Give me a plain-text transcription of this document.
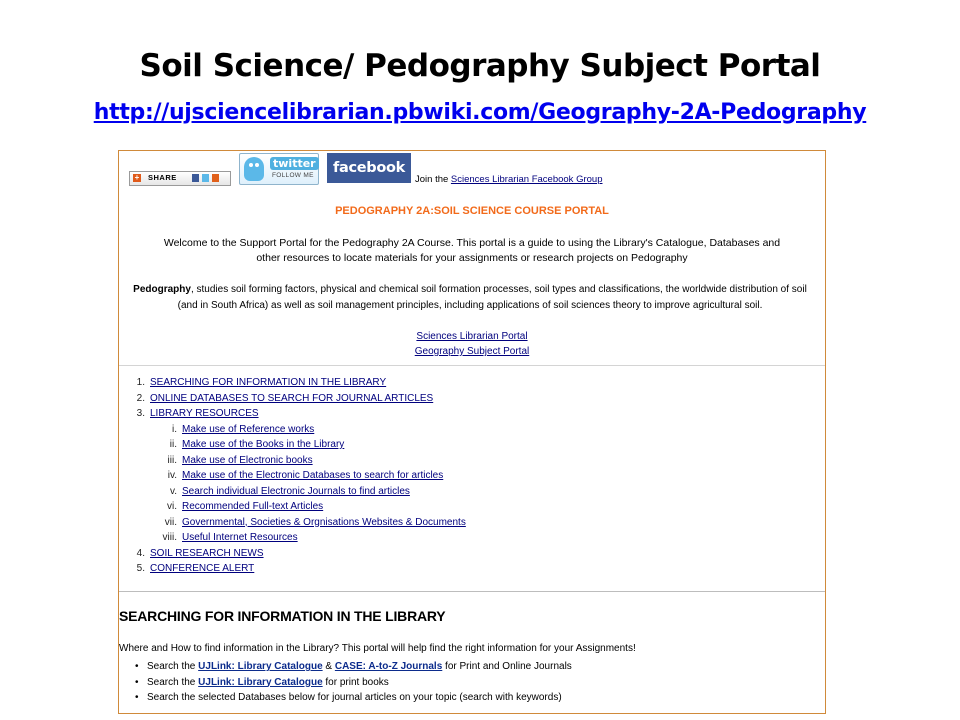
Soil Science/ Pedography Subject Portal
http://ujsciencelibrarian.pbwiki.com/Geography-2A-Pedography
+ SHARE
twitter
FOLLOW ME	facebook
Join the Sciences Librarian Facebook Group
PEDOGRAPHY 2A:SOIL SCIENCE COURSE PORTAL
Welcome to the Support Portal for the Pedography 2A Course. This portal is a guide to using the Library's Catalogue, Databases and
other resources to locate materials for your assignments or research projects on Pedography
Pedography, studies soil forming factors, physical and chemical soil formation processes, soil types and classifications, the worldwide distribution of soil
(and in South Africa) as well as soil management principles, including applications of soil sciences theory to improve agricultural soil.
Sciences Librarian Portal
Geography Subject Portal
1. SEARCHING FOR INFORMATION IN THE LIBRARY
2. ONLINE DATABASES TO SEARCH FOR JOURNAL ARTICLES
3. LIBRARY RESOURCES
i. Make use of Reference works
ii. Make use of the Books in the Library
iii. Make use of Electronic books
iv. Make use of the Electronic Databases to search for articles
v. Search individual Electronic Journals to find articles
vi. Recommended Full-text Articles
vii. Governmental, Societies & Orgnisations Websites & Documents
viii. Useful Internet Resources
4. SOIL RESEARCH NEWS
5. CONFERENCE ALERT
SEARCHING FOR INFORMATION IN THE LIBRARY
Where and How to find information in the Library? This portal will help find the right information for your Assignments!
• Search the UJLink: Library Catalogue & CASE: A-to-Z Journals for Print and Online Journals
• Search the UJLink: Library Catalogue for print books
• Search the selected Databases below for journal articles on your topic (search with keywords)
